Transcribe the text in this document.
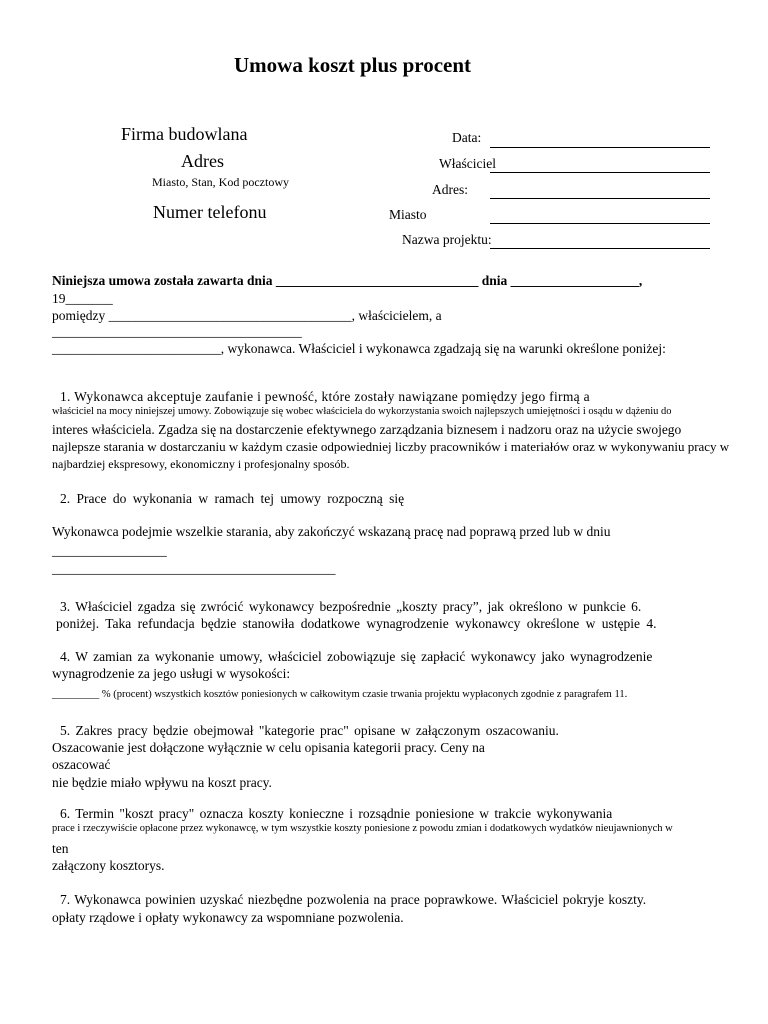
Umowa koszt plus procent
Firma budowlana
Adres
Miasto, Stan, Kod pocztowy
Numer telefonu
Data:
Właściciel
Adres:
Miasto
Nazwa projektu:
Niniejsza umowa została zawarta dnia ______________________________ dnia ___________________,
19_______
pomiędzy ____________________________________, właścicielem, a
_____________________________________
_________________________, wykonawca. Właściciel i wykonawca zgadzają się na warunki określone poniżej:
1. Wykonawca akceptuje zaufanie i pewność, które zostały nawiązane pomiędzy jego firmą a
właściciel na mocy niniejszej umowy. Zobowiązuje się wobec właściciela do wykorzystania swoich najlepszych umiejętności i osądu w dążeniu do
interes właściciela. Zgadza się na dostarczenie efektywnego zarządzania biznesem i nadzoru oraz na użycie swojego
najlepsze starania w dostarczaniu w każdym czasie odpowiedniej liczby pracowników i materiałów oraz w wykonywaniu pracy w
najbardziej ekspresowy, ekonomiczny i profesjonalny sposób.
2. Prace do wykonania w ramach tej umowy rozpoczną się
Wykonawca podejmie wszelkie starania, aby zakończyć wskazaną pracę nad poprawą przed lub w dniu
_________________
__________________________________________
3. Właściciel zgadza się zwrócić wykonawcy bezpośrednie „koszty pracy”, jak określono w punkcie 6.
poniżej. Taka refundacja będzie stanowiła dodatkowe wynagrodzenie wykonawcy określone w ustępie 4.
4. W zamian za wykonanie umowy, właściciel zobowiązuje się zapłacić wykonawcy jako wynagrodzenie
wynagrodzenie za jego usługi w wysokości:
_________ % (procent) wszystkich kosztów poniesionych w całkowitym czasie trwania projektu wypłaconych zgodnie z paragrafem 11.
5. Zakres pracy będzie obejmował "kategorie prac" opisane w załączonym oszacowaniu.
Oszacowanie jest dołączone wyłącznie w celu opisania kategorii pracy. Ceny na
oszacować
nie będzie miało wpływu na koszt pracy.
6. Termin "koszt pracy" oznacza koszty konieczne i rozsądnie poniesione w trakcie wykonywania
prace i rzeczywiście opłacone przez wykonawcę, w tym wszystkie koszty poniesione z powodu zmian i dodatkowych wydatków nieujawnionych w
ten
załączony kosztorys.
7. Wykonawca powinien uzyskać niezbędne pozwolenia na prace poprawkowe. Właściciel pokryje koszty.
opłaty rządowe i opłaty wykonawcy za wspomniane pozwolenia.
